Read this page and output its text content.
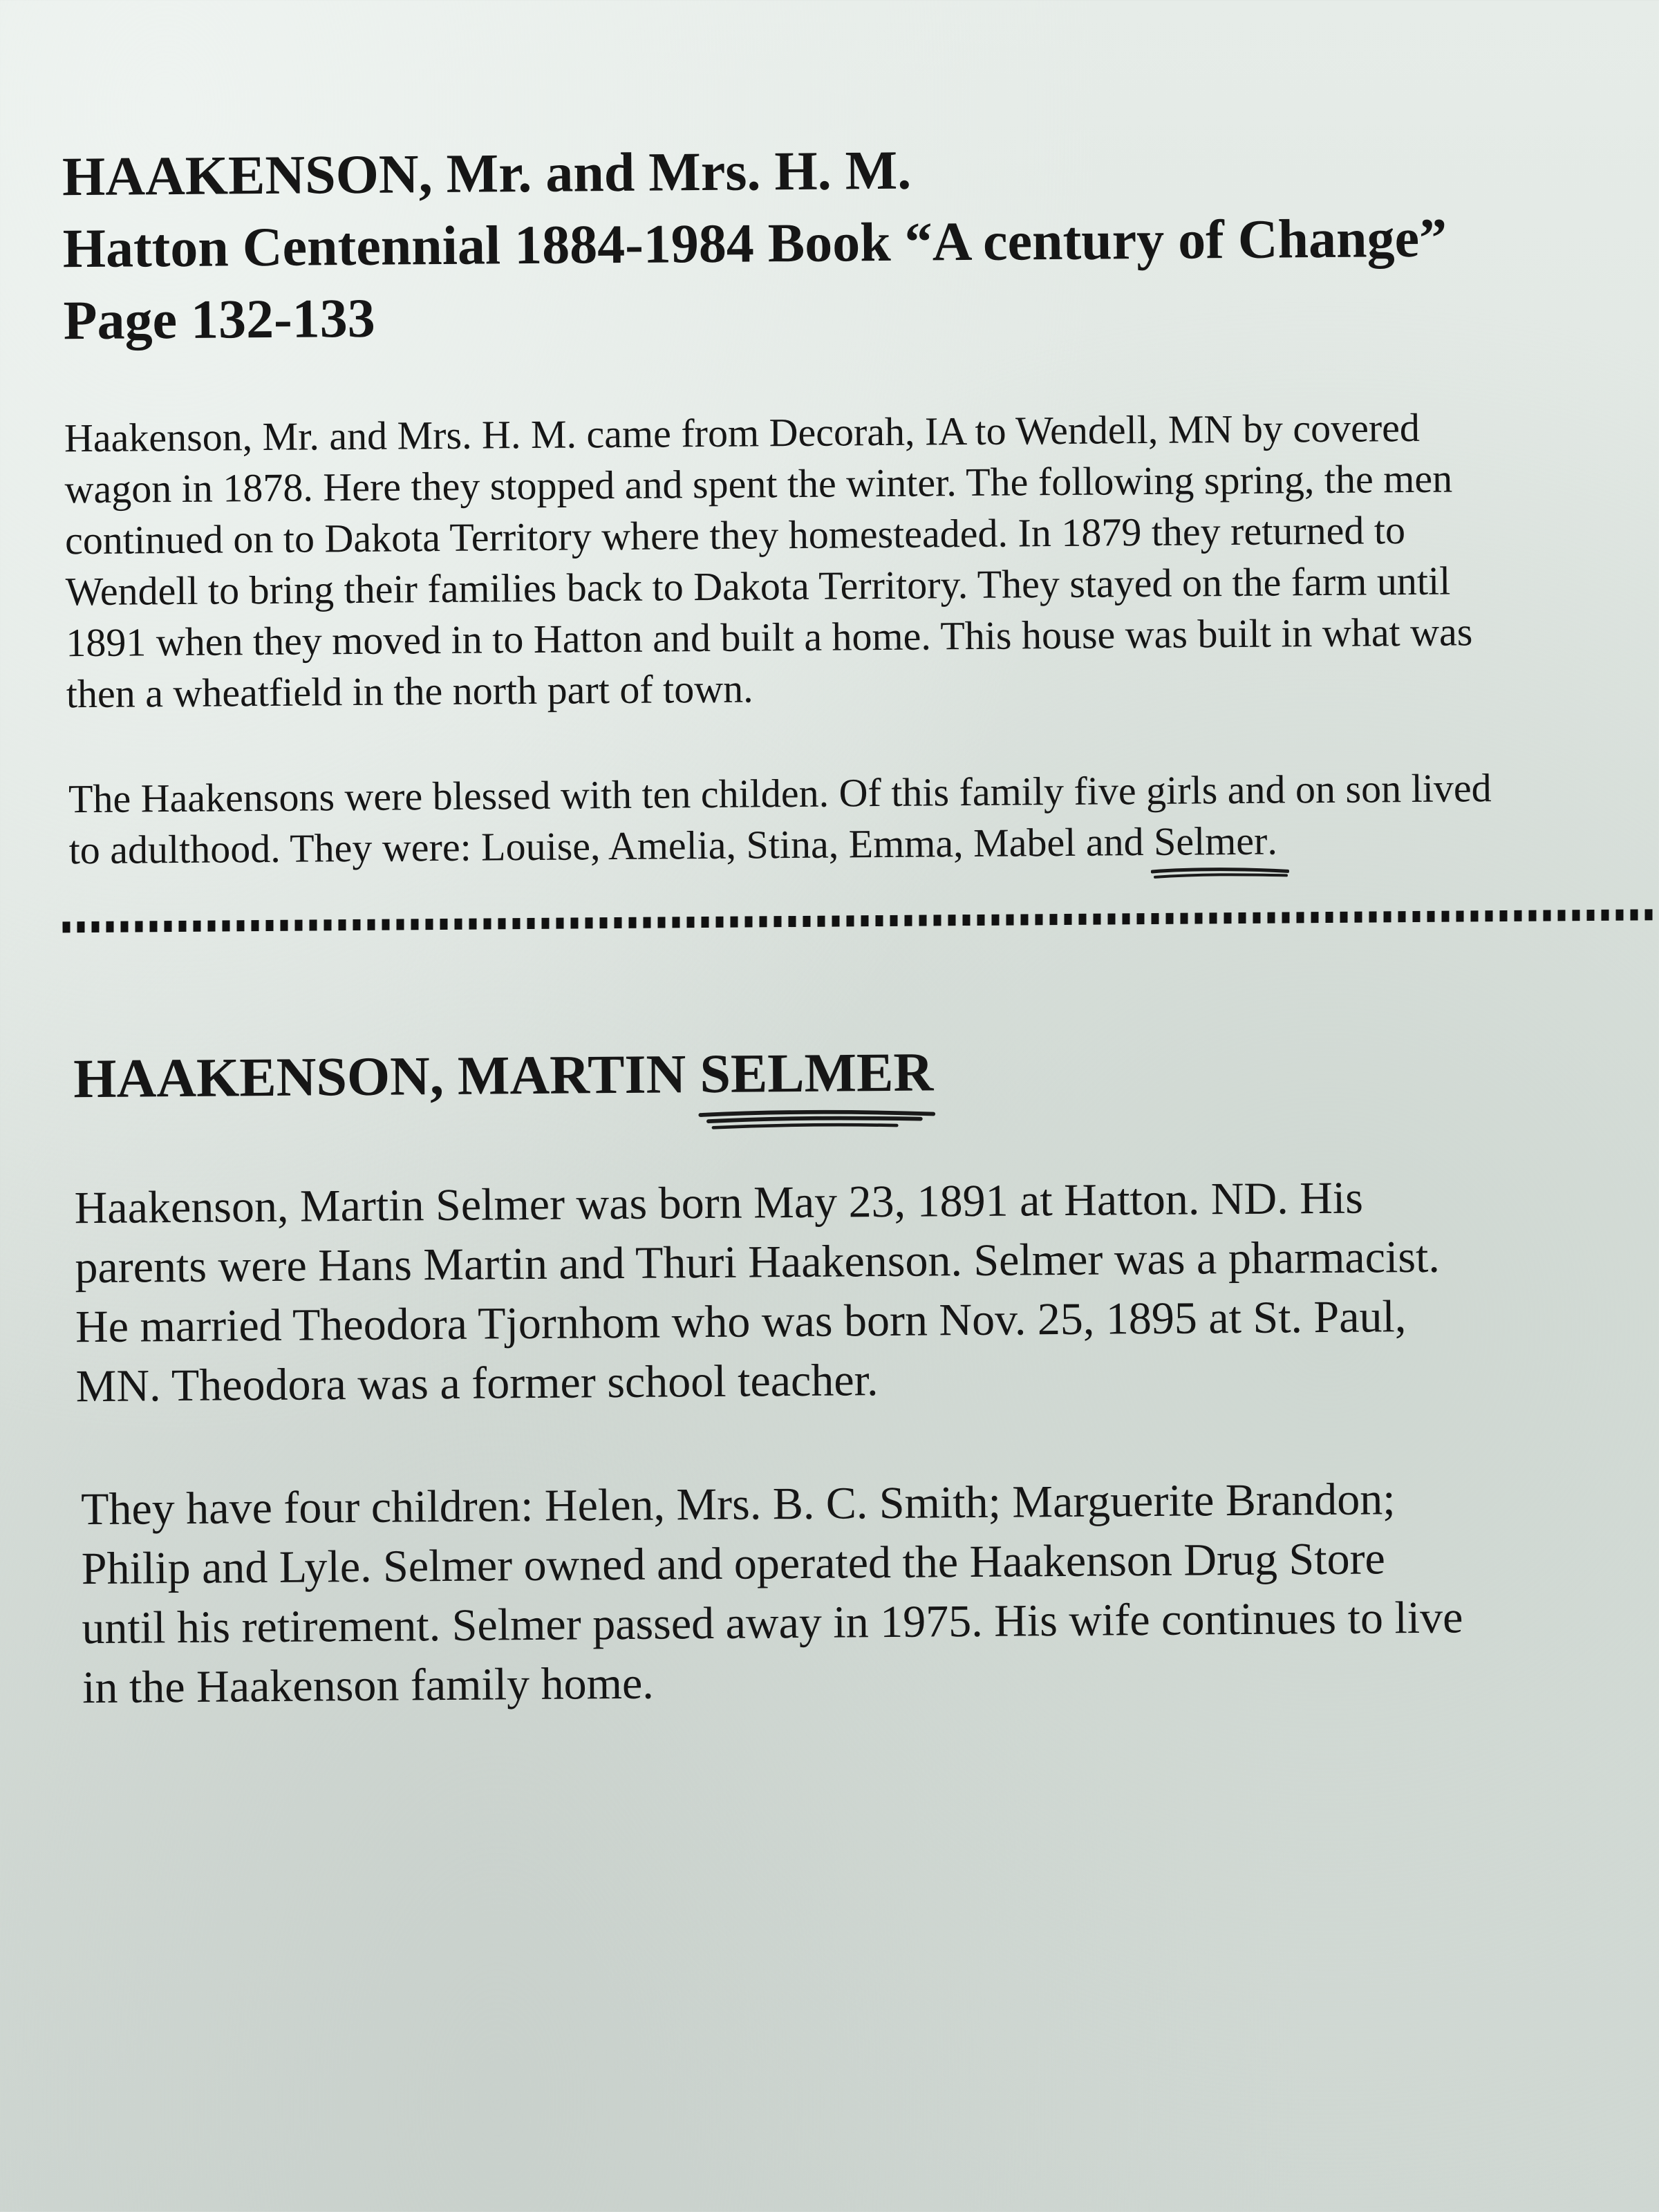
HAAKENSON, Mr. and Mrs. H. M.
Hatton Centennial 1884-1984 Book “A century of Change”
Page 132-133
Haakenson, Mr. and Mrs. H. M. came from Decorah, IA to Wendell, MN by covered
wagon in 1878. Here they stopped and spent the winter. The following spring, the men
continued on to Dakota Territory where they homesteaded. In 1879 they returned to
Wendell to bring their families back to Dakota Territory. They stayed on the farm until
1891 when they moved in to Hatton and built a home. This house was built in what was
then a wheatfield in the north part of town.
The Haakensons were blessed with ten childen. Of this family five girls and on son lived
to adulthood. They were: Louise, Amelia, Stina, Emma, Mabel and Selmer
.
HAAKENSON, MARTIN SELMER
Haakenson, Martin Selmer was born May 23, 1891 at Hatton. ND. His
parents were Hans Martin and Thuri Haakenson. Selmer was a pharmacist.
He married Theodora Tjornhom who was born Nov. 25, 1895 at St. Paul,
MN. Theodora was a former school teacher.
They have four children: Helen, Mrs. B. C. Smith; Marguerite Brandon;
Philip and Lyle. Selmer owned and operated the Haakenson Drug Store
until his retirement. Selmer passed away in 1975. His wife continues to live
in the Haakenson family home.
